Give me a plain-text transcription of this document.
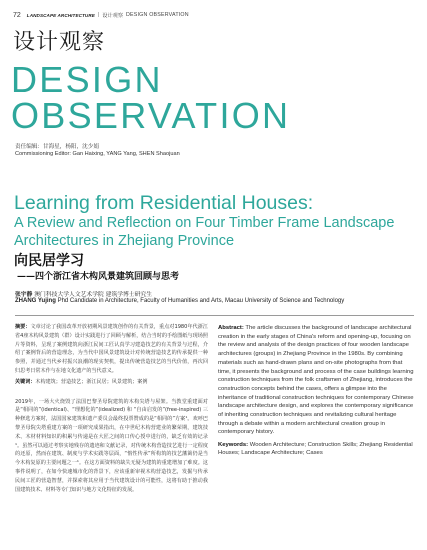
72 LANDSCAPE ARCHITECTURE | 设计观察 DESIGN OBSERVATION
设计观察
DESIGN
OBSERVATION
责任编辑：甘海星，杨阳，沈少娟
Commissioning Editor: Gan Haixing, YANG Yang, SHEN Shaojuan
Learning from Residential Houses:
A Review and Reflection on Four Timber Frame Landscape
Architectures in Zhejiang Province
向民居学习
——四个浙江省木构风景建筑回顾与思考
张宇静 澳门科技大学人文艺术学院 建筑学博士研究生
ZHANG Yujing Phd Candidate in Architecture, Faculty of Humanities and Arts, Macau University of Science and Technology

摘要：文章讨论了我国改革开放初期风景建筑创作的有关背景，重点对1980年代浙江省4座木构风景建筑（群）设计实践进行了回顾与解析，结合当时的手绘图纸与现场照片等资料，呈现了案例建筑向浙江民间工匠认真学习建造技艺的有关背景与过程，介绍了案例背后的营造理念，为当代中国风景建筑设计对传统营造技艺的传承提供一种参照，并通过当代乡村振兴浪潮的现实契机，提出传统营造技艺的当代价值，再次回归思考日常木作与在地文化遗产的当代意义。

关键词：木构建筑；营造技艺；浙江民居；风景建筑；案例

2019年，一场大火烧毁了法国巴黎圣母院建筑的木构尖塔与屋架。当教堂重建面对是“相同的”(identical)、“理想化的”(idealized) 和 “自由启发的”(free-inspired) 三种修选方案时，法国国家建筑和遗产委员会最终投票赞成的是“相同的”方案¹。欢呼巴黎圣母院尖塔重建方案的一项研究成果指出，在中世纪木构营建业的繁荣期，建筑技术、木材材料知识的积累与传递是在大匠之间的口传心授中进行的，缺乏有效的记录¹。虽然可以通过考察实地残存的遗迹和文献记录，对传统木构营造技艺进行一定程度的还原，然而在建筑、制度与学术实践等层面，“惰性传承”所构筑的技艺藩篱仍是当今木构复原的主要问题之一¹。在这方面资料的缺失无疑为建筑的重建增加了难度。这事件说明了，在如今快速城市化的背景下，应该重新审视木构营造技艺，发掘与传承民间工匠的营造智慧，并探索将其应用于当代建筑设计的可能性，这将有助于推动我国建筑技术、材料等专门知识与地方文化特征的发展。

Abstract: The article discusses the background of landscape architectural creation in the early stages of China's reform and opening-up, focusing on the review and analysis of the design practices of four wooden landscape architectures (groups) in Zhejiang Province in the 1980s. By combining materials such as hand-drawn plans and on-site photographs from that time, it presents the background and process of the case buildings learning construction techniques from the folk craftsmen of Zhejiang, introduces the construction concepts behind the cases, offers a glimpse into the inheritance of traditional construction techniques for contemporary Chinese landscape architecture design, and explores the contemporary significance of inheriting construction techniques and revitalizing cultural heritage through a debate within a modern architectural creation group in contemporary history.

Keywords: Wooden Architecture; Construction Skills; Zhejiang Residential Houses; Landscape Architecture; Cases
